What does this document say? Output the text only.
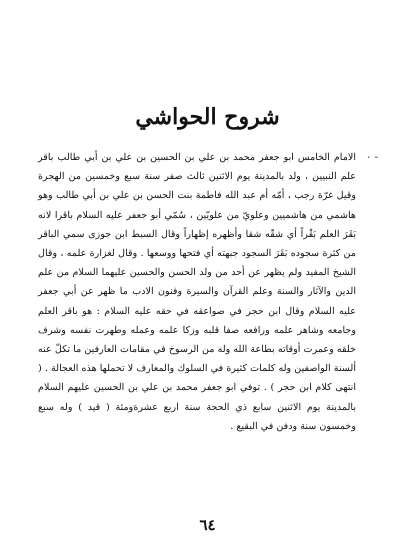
شروح الحواشي
- ٠

الامام الخامس ابو جعفر محمد بن علي بن الحسين بن علي بن أبي طالب باقر علم النبيين ، ولد بالمدينة يوم الاثنين ثالث صفر سنة سبع وخمسين من الهجرة وقيل غرّة رجب ، أمّه أم عبد الله فاطمة بنت الحسن بن علي بن أبي طالب وهو هاشمي من هاشميين وعلويّ من علويّين ، سُمّي أبو جعفر عليه السلام باقرا لانه بَقَرَ العلم بَقْراً أي شقّه شقا وأظهره إظهاراً وقال السبط ابن جوزى سمي الباقر من كثرة سجوده بَقَرَ السجود جبهته أي فتحها ووسعها . وقال لغزارة علمه ، وقال الشيخ المفيد ولم يظهر عن أحد من ولد الحسن والحسين عليهما السلام من علم الدين والآثار والسنة وعلم القرآن والسيرة وفنون الادب ما ظهر عن أبي جعفر عليه السلام وقال ابن حجر في صواعقه في حقه عليه السلام : هو باقر العلم وجامعه وشاهر علمه ورافعه صفا قلبه وزكا علمه وعمله وطهرت نفسه وشرف خلقه وعمرت أوقاته بطاعة الله وله من الرسوخ في مقامات العارفين ما تكلّ عنه ألسنة الواصفين وله كلمات كثيرة في السلوك والمعارف لا تحملها هذه العجالة . ( انتهى كلام ابن حجر ) . توفي ابو جعفر محمد بن علي بن الحسين عليهم السلام بالمدينة يوم الاثنين سابع ذي الحجة سنة اربع عشرةومئة ( قيد ) وله سبع وخمسون سنة ودفن في البقيع .

٦٤
